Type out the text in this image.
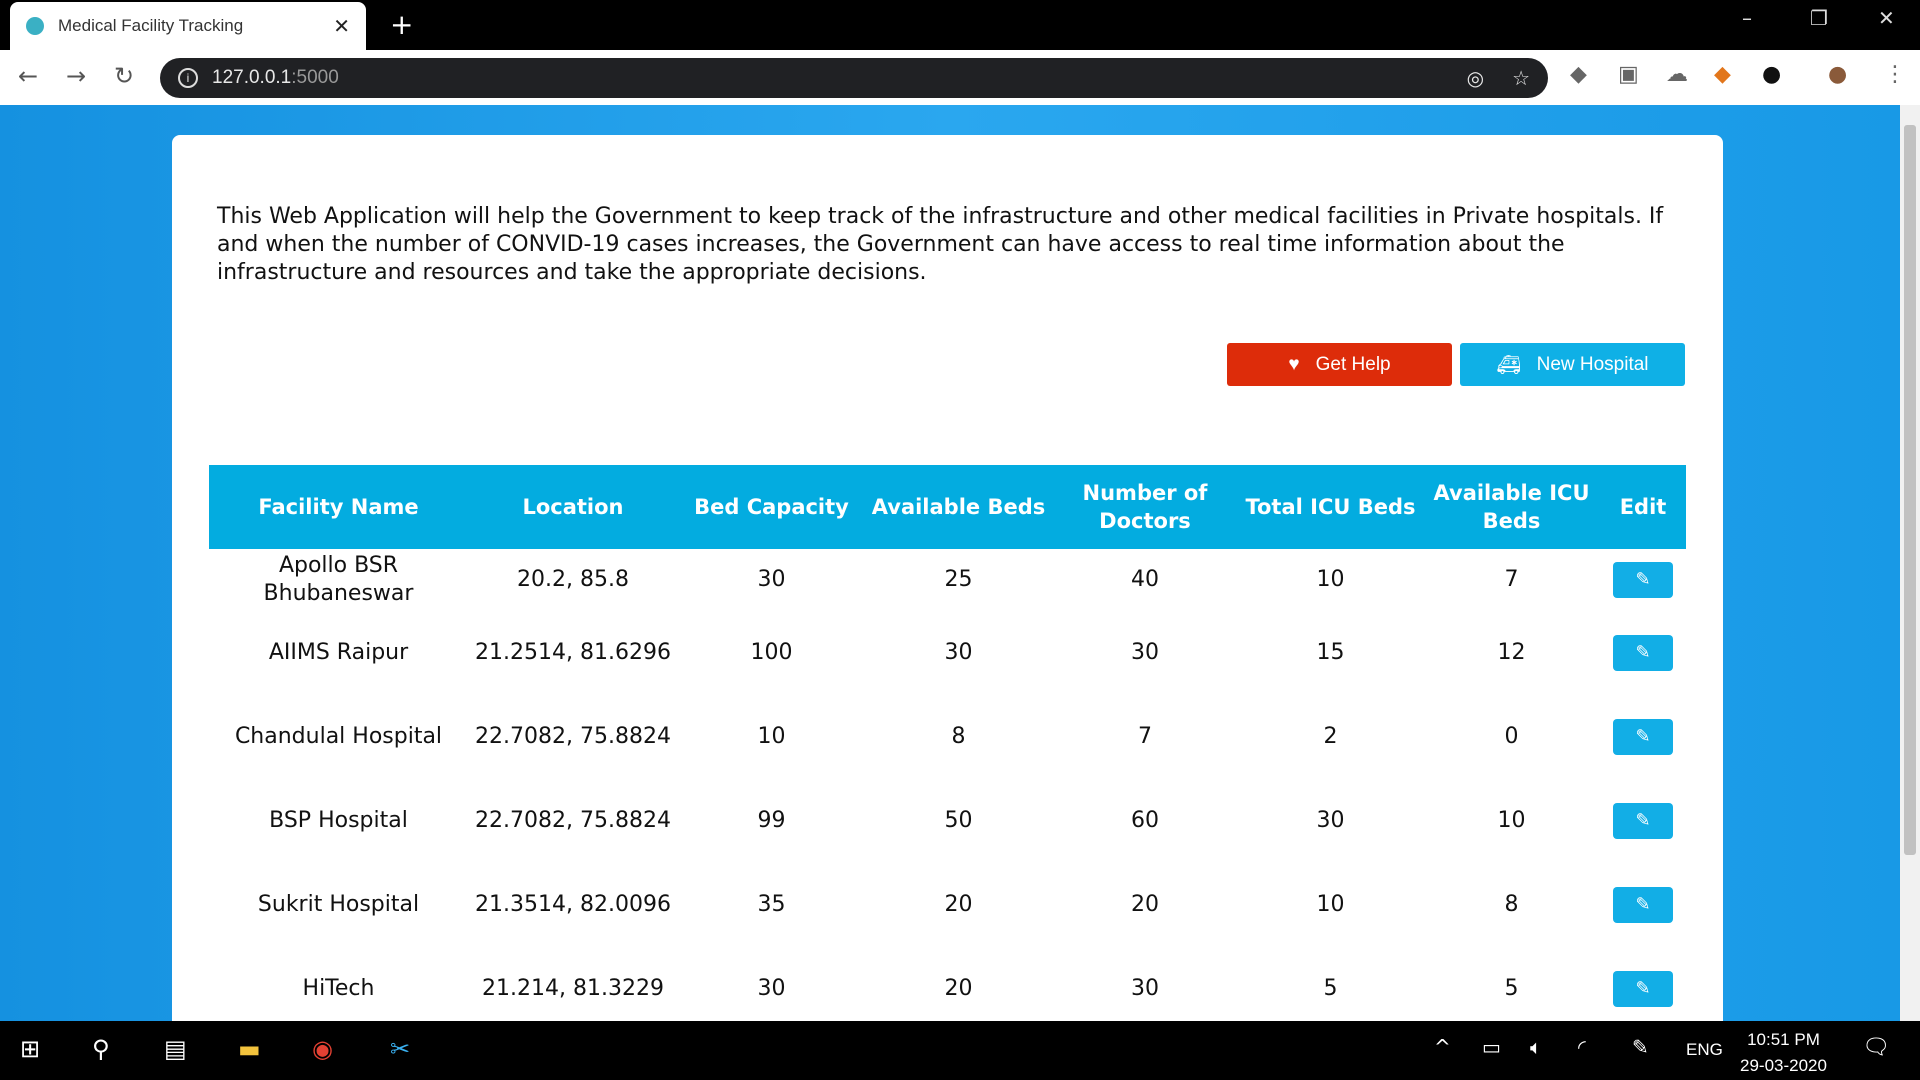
Medical Facility Tracking	✕ +	–	❐	✕
← → ↻	i	127.0.0.1 :5000	◎ ☆ ◆ ▣ ☁ ◆ ● ● ⋮

This Web Application will help the Government to keep track of the infrastructure and other medical facilities in Private hospitals. If and when the number of CONVID-19 cases increases, the Government can have access to real time information about the infrastructure and resources and take the appropriate decisions.

♥ Get Help	🚑︎ New Hospital
Facility Name	Location	Bed Capacity	Available Beds	Number of Doctors	Total ICU Beds	Available ICU Beds	Edit
Apollo BSR Bhubaneswar	20.2, 85.8	30	25	40	10	7	✎
AIIMS Raipur	21.2514, 81.6296	100	30	30	15	12	✎
Chandulal Hospital	22.7082, 75.8824	10	8	7	2	0	✎
BSP Hospital	22.7082, 75.8824	99	50	60	30	10	✎
Sukrit Hospital	21.3514, 82.0096	35	20	20	10	8	✎
HiTech	21.214, 81.3229	30	20	30	5	5	✎
⊞ ⚲ ▤ ▬ ◉ ✂	^ ▭ 🔈︎ ◜ ✎ ENG
10:51 PM
29-03-2020
🗨︎
